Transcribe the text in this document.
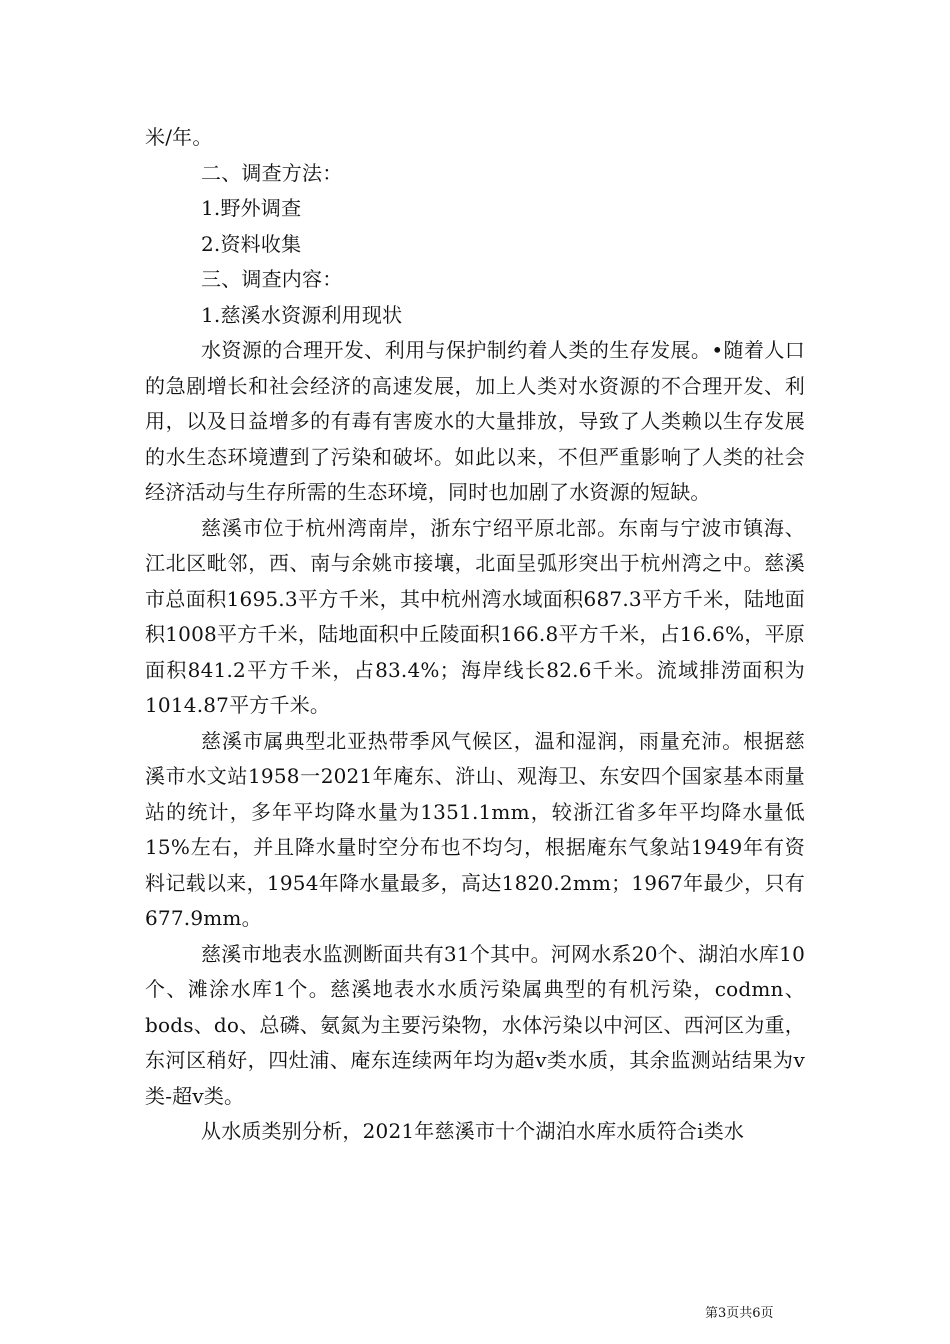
米/年。

二、调查方法：

1.野外调查

2.资料收集

三、调查内容：

1.慈溪水资源利用现状

水资源的合理开发、利用与保护制约着人类的生存发展。•随着人口的急剧增长和社会经济的高速发展，加上人类对水资源的不合理开发、利用，以及日益增多的有毒有害废水的大量排放，导致了人类赖以生存发展的水生态环境遭到了污染和破坏。如此以来，不但严重影响了人类的社会经济活动与生存所需的生态环境，同时也加剧了水资源的短缺。

慈溪市位于杭州湾南岸，浙东宁绍平原北部。东南与宁波市镇海、江北区毗邻，西、南与余姚市接壤，北面呈弧形突出于杭州湾之中。慈溪市总面积1695.3平方千米，其中杭州湾水域面积687.3平方千米，陆地面积1008平方千米，陆地面积中丘陵面积166.8平方千米，占16.6%，平原面积841.2平方千米，占83.4%；海岸线长82.6千米。流域排涝面积为1014.87平方千米。

慈溪市属典型北亚热带季风气候区，温和湿润，雨量充沛。根据慈溪市水文站1958一2021年庵东、浒山、观海卫、东安四个国家基本雨量站的统计，多年平均降水量为1351.1mm，较浙江省多年平均降水量低15%左右，并且降水量时空分布也不均匀，根据庵东气象站1949年有资料记载以来，1954年降水量最多，高达1820.2mm；1967年最少，只有677.9mm。

慈溪市地表水监测断面共有31个其中。河网水系20个、湖泊水库10个、滩涂水库1个。慈溪地表水水质污染属典型的有机污染，codmn、bods、do、总磷、氨氮为主要污染物，水体污染以中河区、西河区为重，东河区稍好，四灶浦、庵东连续两年均为超v类水质，其余监测站结果为v类-超v类。

从水质类别分析，2021年慈溪市十个湖泊水库水质符合i类水

第3页共6页
